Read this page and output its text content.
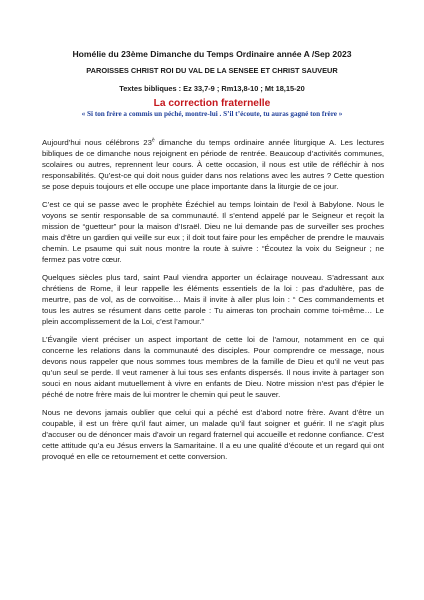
Homélie du 23ème Dimanche du Temps Ordinaire année A /Sep 2023
PAROISSES CHRIST ROI DU VAL DE LA SENSEE ET CHRIST SAUVEUR
Textes bibliques : Ez 33,7-9 ; Rm13,8-10 ; Mt 18,15-20
La correction fraternelle
« Si ton frère a commis un péché, montre-lui . S’il t’écoute, tu auras gagné ton frère »

Aujourd’hui nous célébrons $23^è$ dimanche du temps ordinaire année liturgique A. Les lectures bibliques de ce dimanche nous rejoignent en période de rentrée. Beaucoup d’activités communes, scolaires ou autres, reprennent leur cours. À cette occasion, il nous est utile de réfléchir à nos responsabilités. Qu’est-ce qui doit nous guider dans nos relations avec les autres ? Cette question se pose depuis toujours et elle occupe une place importante dans la liturgie de ce jour.

C’est ce qui se passe avec le prophète Ézéchiel au temps lointain de l’exil à Babylone. Nous le voyons se sentir responsable de sa communauté. Il s’entend appelé par le Seigneur et reçoit la mission de “guetteur” pour la maison d’Israël. Dieu ne lui demande pas de surveiller ses proches mais d’être un gardien qui veille sur eux ; il doit tout faire pour les empêcher de prendre le mauvais chemin. Le psaume qui suit nous montre la route à suivre : “Écoutez la voix du Seigneur ; ne fermez pas votre cœur.

Quelques siècles plus tard, saint Paul viendra apporter un éclairage nouveau. S’adressant aux chrétiens de Rome, il leur rappelle les éléments essentiels de la loi : pas d’adultère, pas de meurtre, pas de vol, as de convoitise… Mais il invite à aller plus loin : “ Ces commandements et tous les autres se résument dans cette parole : Tu aimeras ton prochain comme toi-même… Le plein accomplissement de la Loi, c’est l’amour.”

L’Évangile vient préciser un aspect important de cette loi de l’amour, notamment en ce qui concerne les relations dans la communauté des disciples. Pour comprendre ce message, nous devons nous rappeler que nous sommes tous membres de la famille de Dieu et qu’il ne veut pas qu’un seul se perde. Il veut ramener à lui tous ses enfants dispersés. Il nous invite à partager son souci en nous aidant mutuellement à vivre en enfants de Dieu. Notre mission n’est pas d’épier le péché de notre frère mais de lui montrer le chemin qui peut le sauver.

Nous ne devons jamais oublier que celui qui a péché est d’abord notre frère. Avant d’être un coupable, il est un frère qu’il faut aimer, un malade qu’il faut soigner et guérir. Il ne s’agit plus d’accuser ou de dénoncer mais d’avoir un regard fraternel qui accueille et redonne confiance. C’est cette attitude qu’a eu Jésus envers la Samaritaine. Il a eu une qualité d’écoute et un regard qui ont provoqué en elle ce retournement et cette conversion.
